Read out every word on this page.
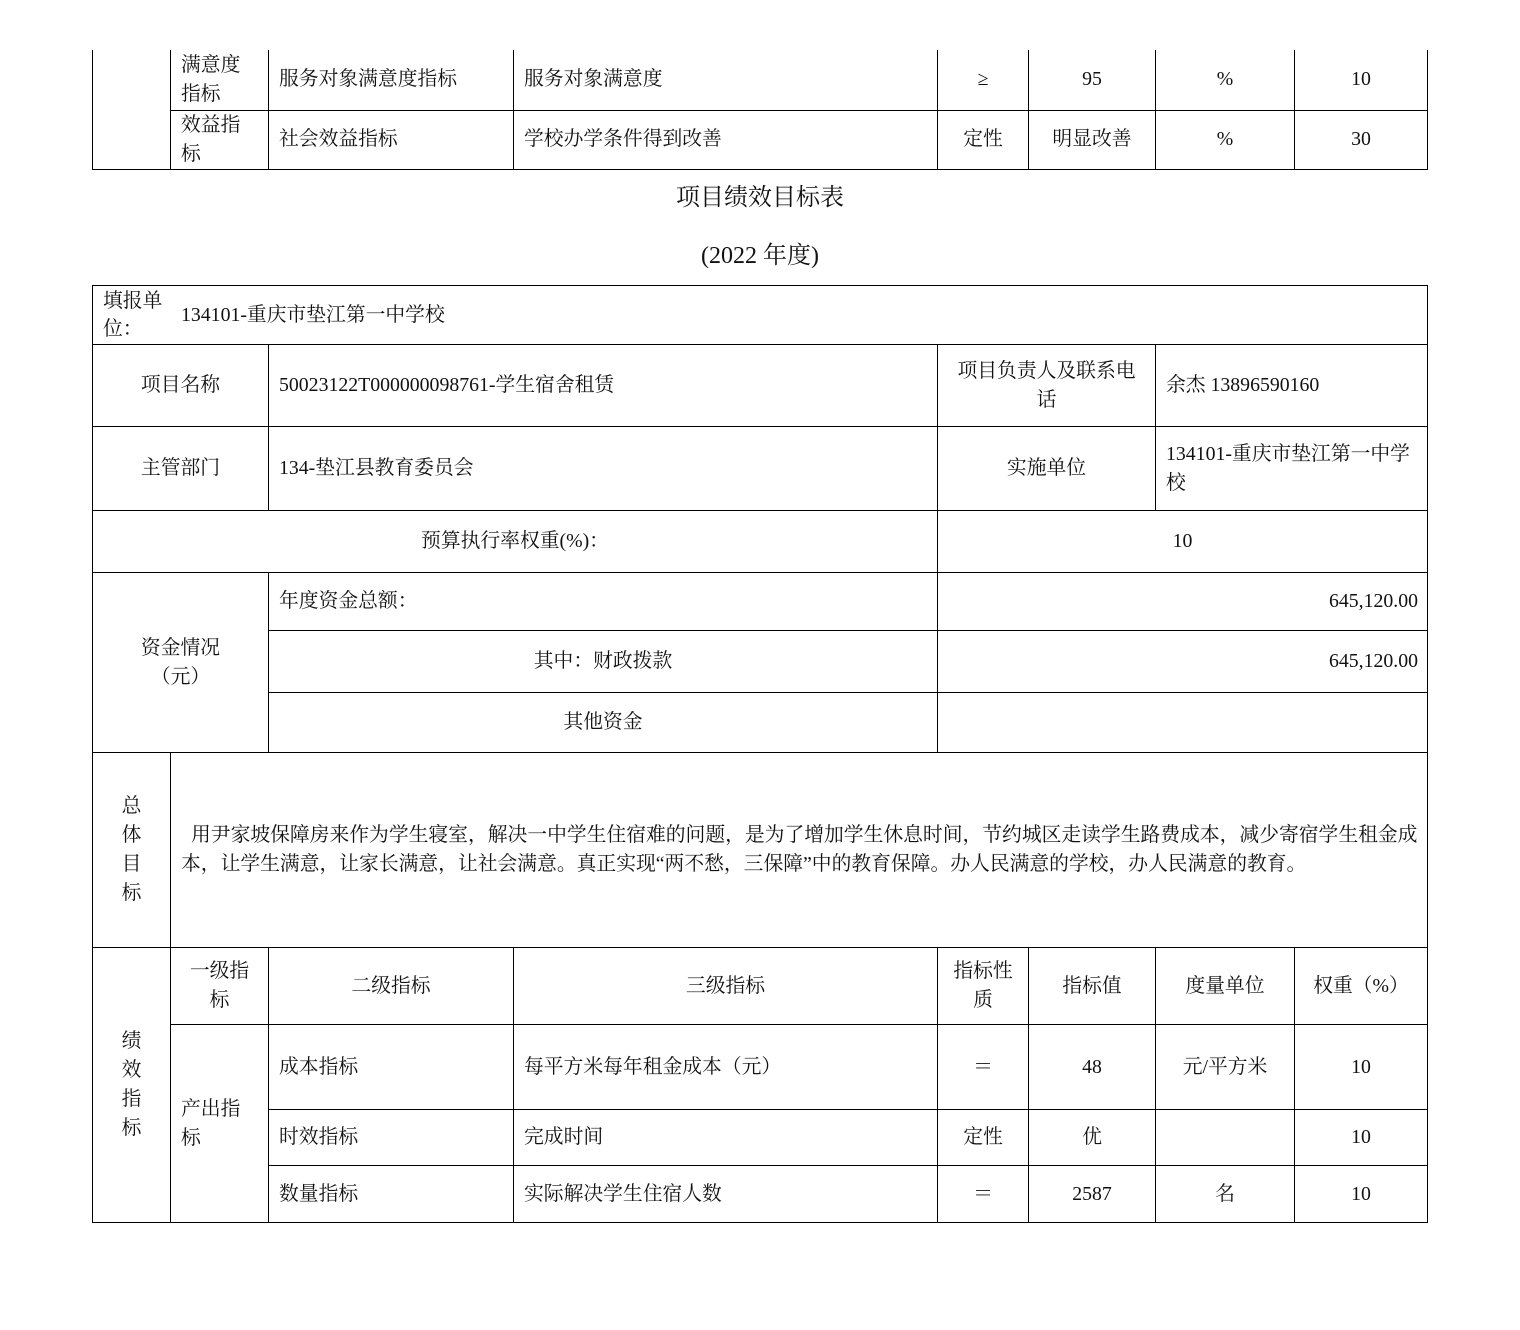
	满意度指标	服务对象满意度指标	服务对象满意度	≥	95	%	10
	效益指标	社会效益指标	学校办学条件得到改善	定性	明显改善	%	30
项目绩效目标表
(2022 年度)
填报单位：
134101-重庆市垫江第一中学校							

项目名称		50023122T000000098761-学生宿舍租赁		项目负责人及联系电话		余杰 13896590160	
主管部门		134-垫江县教育委员会		实施单位		134101-重庆市垫江第一中学校	
预算执行率权重(%)：				10			

资金情况
（元）		年度资金总额：		645,120.00			
		其中：财政拨款		645,120.00			
		其他资金					
总体目标	用尹家坡保障房来作为学生寝室，解决一中学生住宿难的问题，是为了增加学生休息时间，节约城区走读学生路费成本，减少寄宿学生租金成本，让学生满意，让家长满意，让社会满意。真正实现“两不愁，三保障”中的教育保障。办人民满意的学校，办人民满意的教育。						
绩效指标	一级指标	二级指标	三级指标	指标性质	指标值	度量单位	权重（%）
	产出指标	成本指标	每平方米每年租金成本（元）	＝	48	元/平方米	10
		时效指标	完成时间	定性	优		10
		数量指标	实际解决学生住宿人数	＝	2587	名	10
